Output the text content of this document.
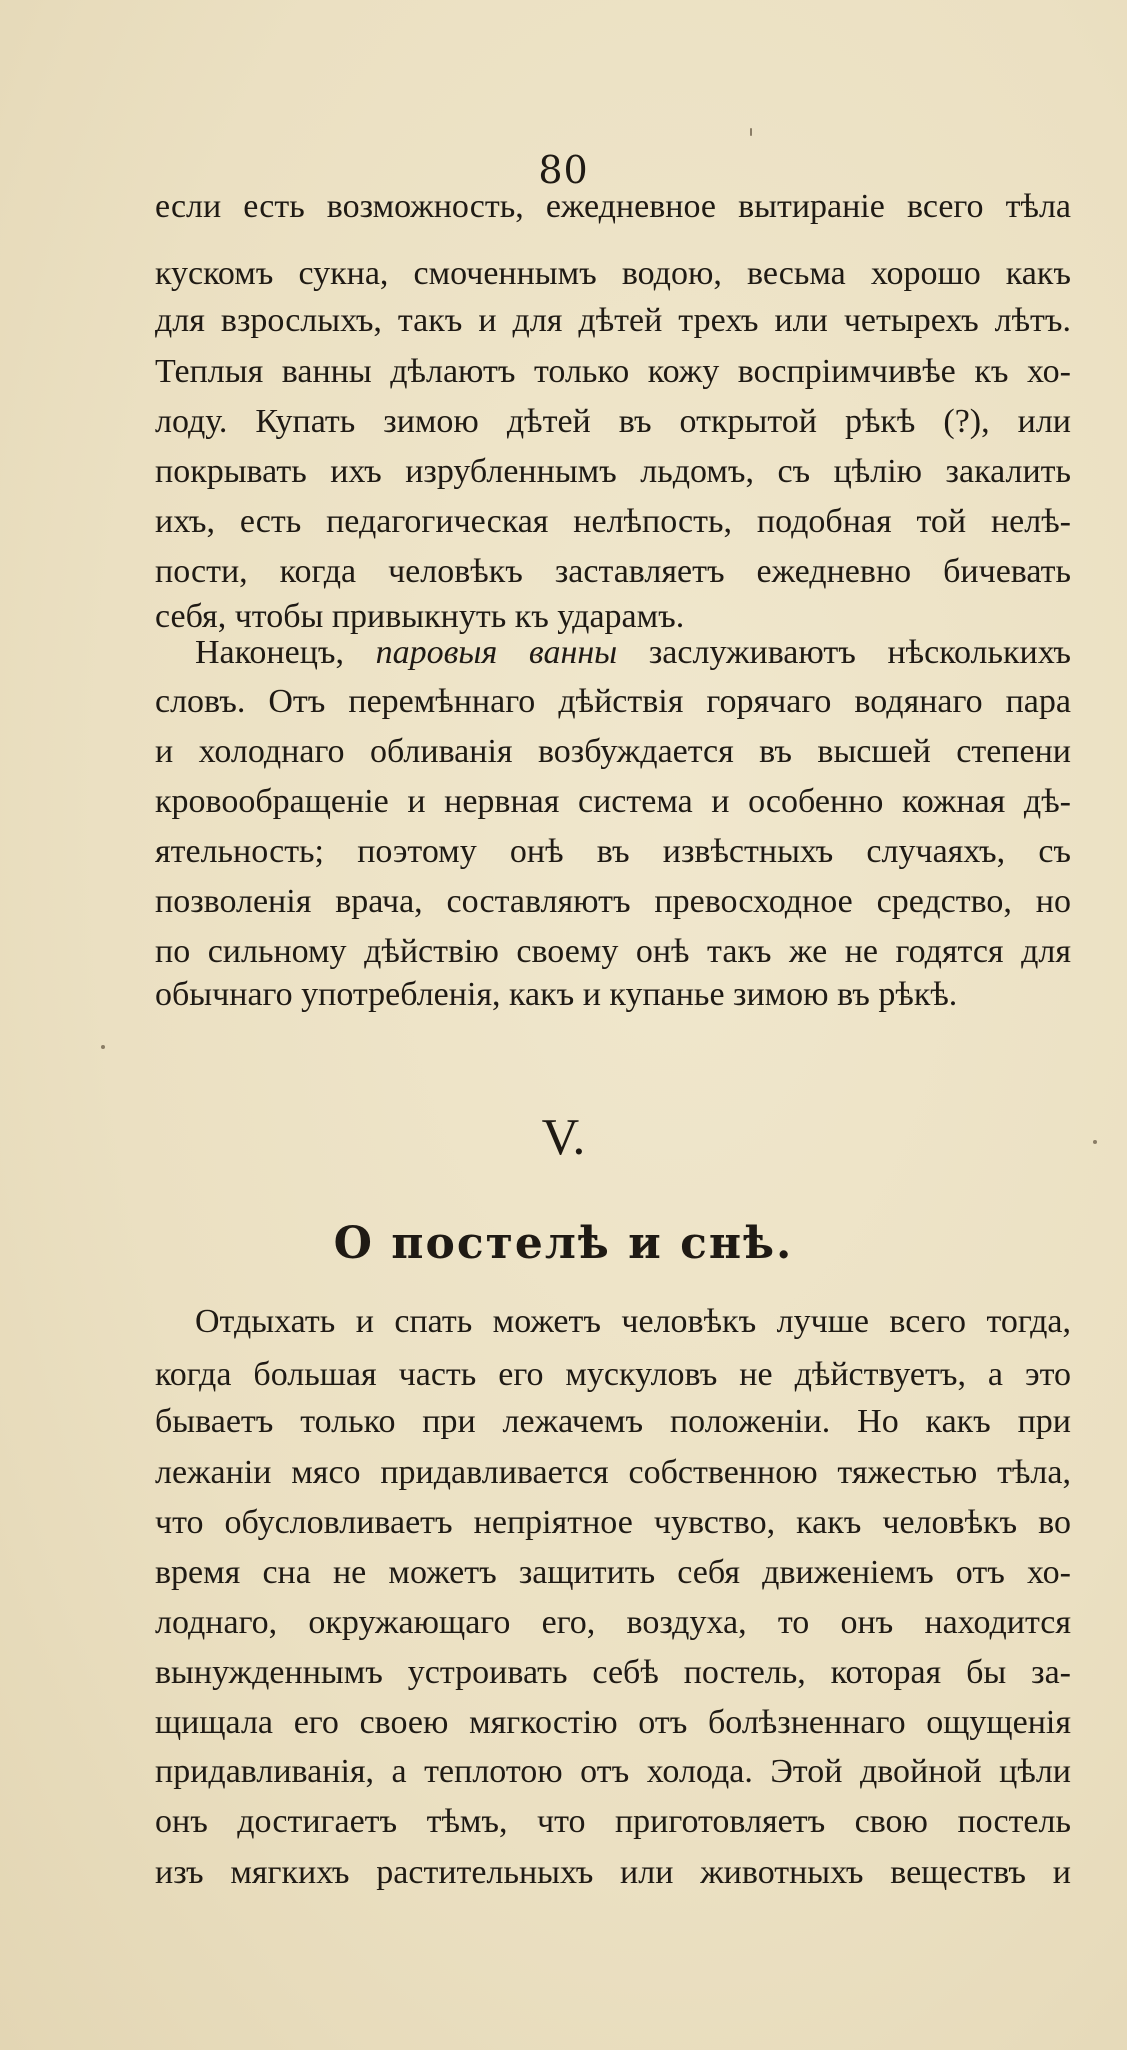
80
если есть возможность, ежедневное вытиранiе всего тѣла
кускомъ сукна, смоченнымъ водою, весьма хорошо какъ
для взрослыхъ, такъ и для дѣтей трехъ или четырехъ лѣтъ.
Теплыя ванны дѣлаютъ только кожу воспрiимчивѣе къ хо-
лоду. Купать зимою дѣтей въ открытой рѣкѣ (?), или
покрывать ихъ изрубленнымъ льдомъ, съ цѣлiю закалить
ихъ, есть педагогическая нелѣпость, подобная той нелѣ-
пости, когда человѣкъ заставляетъ ежедневно бичевать
себя, чтобы привыкнуть къ ударамъ.
Наконецъ, паровыя ванны заслуживаютъ нѣсколькихъ
словъ. Отъ перемѣннаго дѣйствiя горячаго водянаго пара
и холоднаго обливанiя возбуждается въ высшей степени
кровообращенiе и нервная система и особенно кожная дѣ-
ятельность; поэтому онѣ въ извѣстныхъ случаяхъ, съ
позволенiя врача, составляютъ превосходное средство, но
по сильному дѣйствiю своему онѣ такъ же не годятся для
обычнаго употребленiя, какъ и купанье зимою въ рѣкѣ.
V.
О постелѣ и снѣ.
Отдыхать и спать можетъ человѣкъ лучше всего тогда,
когда большая часть его мускуловъ не дѣйствуетъ, а это
бываетъ только при лежачемъ положенiи. Но какъ при
лежанiи мясо придавливается собственною тяжестью тѣла,
что обусловливаетъ непрiятное чувство, какъ человѣкъ во
время сна не можетъ защитить себя движенiемъ отъ хо-
лоднаго, окружающаго его, воздуха, то онъ находится
вынужденнымъ устроивать себѣ постель, которая бы за-
щищала его своею мягкостiю отъ болѣзненнаго ощущенiя
придавливанiя, а теплотою отъ холода. Этой двойной цѣли
онъ достигаетъ тѣмъ, что приготовляетъ свою постель
изъ мягкихъ растительныхъ или животныхъ веществъ и
